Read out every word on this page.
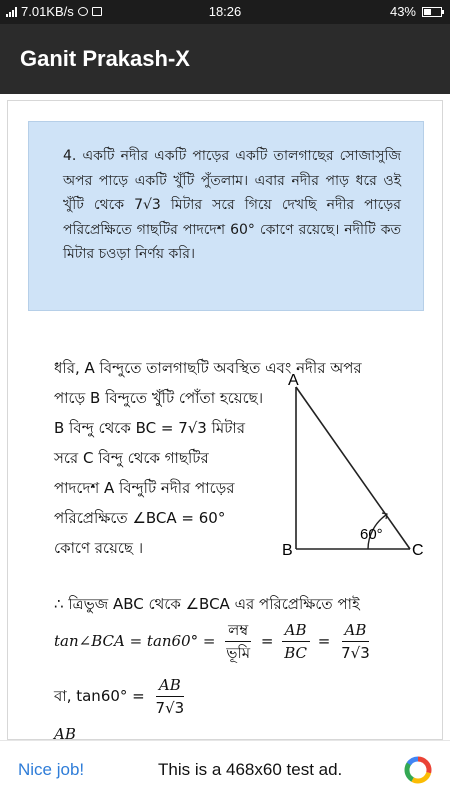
7.01KB/s	18:26	43%
Ganit Prakash-X
4. একটি নদীর একটি পাড়ের একটি তালগাছের সোজাসুজি অপর পাড়ে একটি খুঁটি পুঁতলাম। এবার নদীর পাড় ধরে ওই খুঁটি থেকে 7√3 মিটার সরে গিয়ে দেখছি নদীর পাড়ের পরিপ্রেক্ষিতে গাছটির পাদদেশ 60° কোণে রয়েছে। নদীটি কত মিটার চওড়া নির্ণয় করি।
ধরি, A বিন্দুতে তালগাছটি অবস্থিত এবং নদীর অপর
পাড়ে B বিন্দুতে খুঁটি পোঁতা হয়েছে।
B বিন্দু থেকে BC = 7√3 মিটার
সরে C বিন্দু থেকে গাছটির
পাদদেশ A বিন্দুটি নদীর পাড়ের
পরিপ্রেক্ষিতে ∠BCA = 60°
কোণে রয়েছে ।
A
B	C
60°
∴ ত্রিভুজ ABC থেকে ∠BCA এর পরিপ্রেক্ষিতে পাই
tan∠BCA = $\tan 60^\circ = \frac{\text{লম্ব}}{\text{ভূমি}} = \frac{AB}{BC} = \frac{AB}{7√3}$
বা, $\tan 60^\circ = \frac{AB}{7√3}$
AB
Nice job!	This is a 468x60 test ad.
